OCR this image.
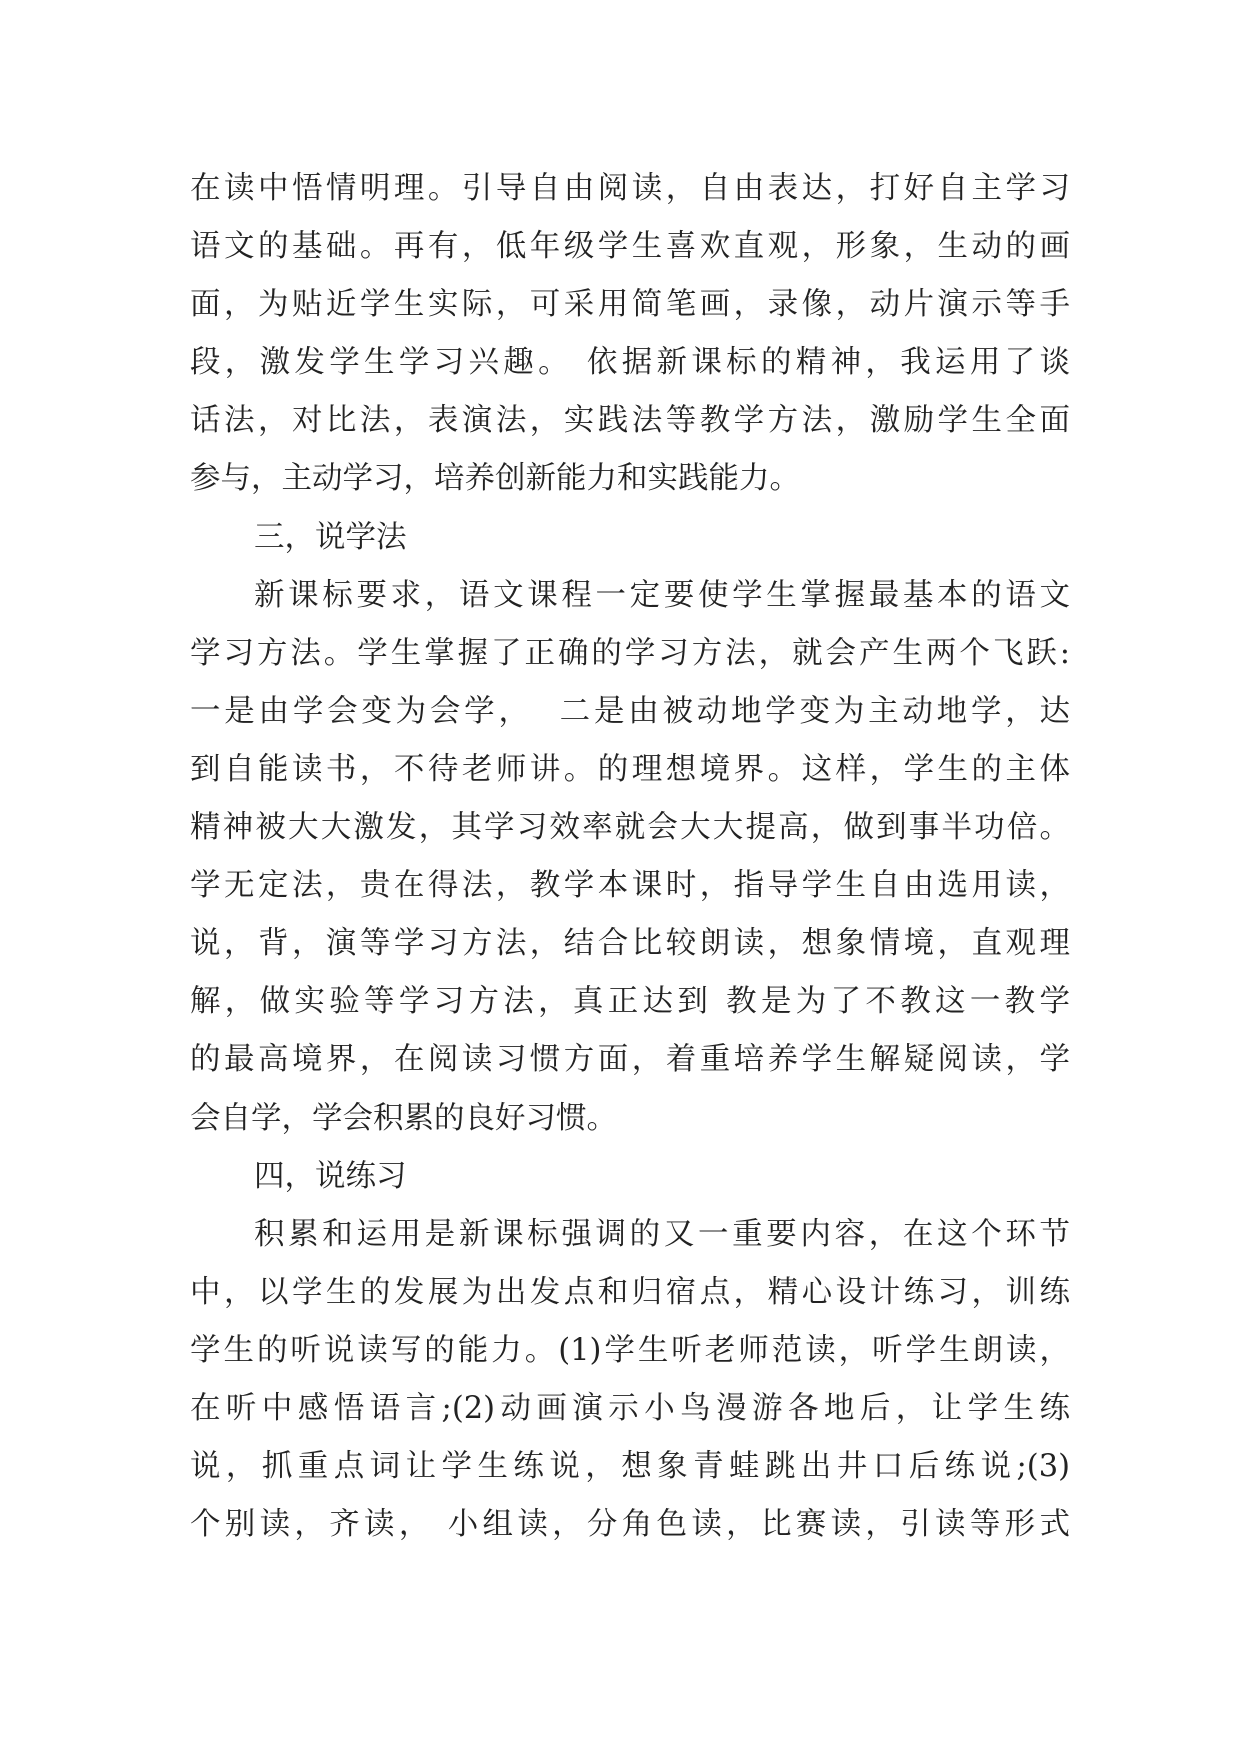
在读中悟情明理。引导自由阅读，自由表达，打好自主学习
语文的基础。再有，低年级学生喜欢直观，形象，生动的画
面，为贴近学生实际，可采用简笔画，录像，动片演示等手
段，激发学生学习兴趣。 依据新课标的精神，我运用了谈
话法，对比法，表演法，实践法等教学方法，激励学生全面
参与，主动学习，培养创新能力和实践能力。
三，说学法
新课标要求，语文课程一定要使学生掌握最基本的语文
学习方法。学生掌握了正确的学习方法，就会产生两个飞跃:
一是由学会变为会学，  二是由被动地学变为主动地学，达
到自能读书，不待老师讲。的理想境界。这样，学生的主体
精神被大大激发，其学习效率就会大大提高，做到事半功倍。
学无定法，贵在得法，教学本课时，指导学生自由选用读，
说，背，演等学习方法，结合比较朗读，想象情境，直观理
解，做实验等学习方法，真正达到 教是为了不教这一教学
的最高境界，在阅读习惯方面，着重培养学生解疑阅读，学
会自学，学会积累的良好习惯。
四，说练习
积累和运用是新课标强调的又一重要内容，在这个环节
中，以学生的发展为出发点和归宿点，精心设计练习，训练
学生的听说读写的能力。(1)学生听老师范读，听学生朗读，
在听中感悟语言;(2)动画演示小鸟漫游各地后，让学生练
说，抓重点词让学生练说，想象青蛙跳出井口后练说;(3)
个别读，齐读， 小组读，分角色读，比赛读，引读等形式
